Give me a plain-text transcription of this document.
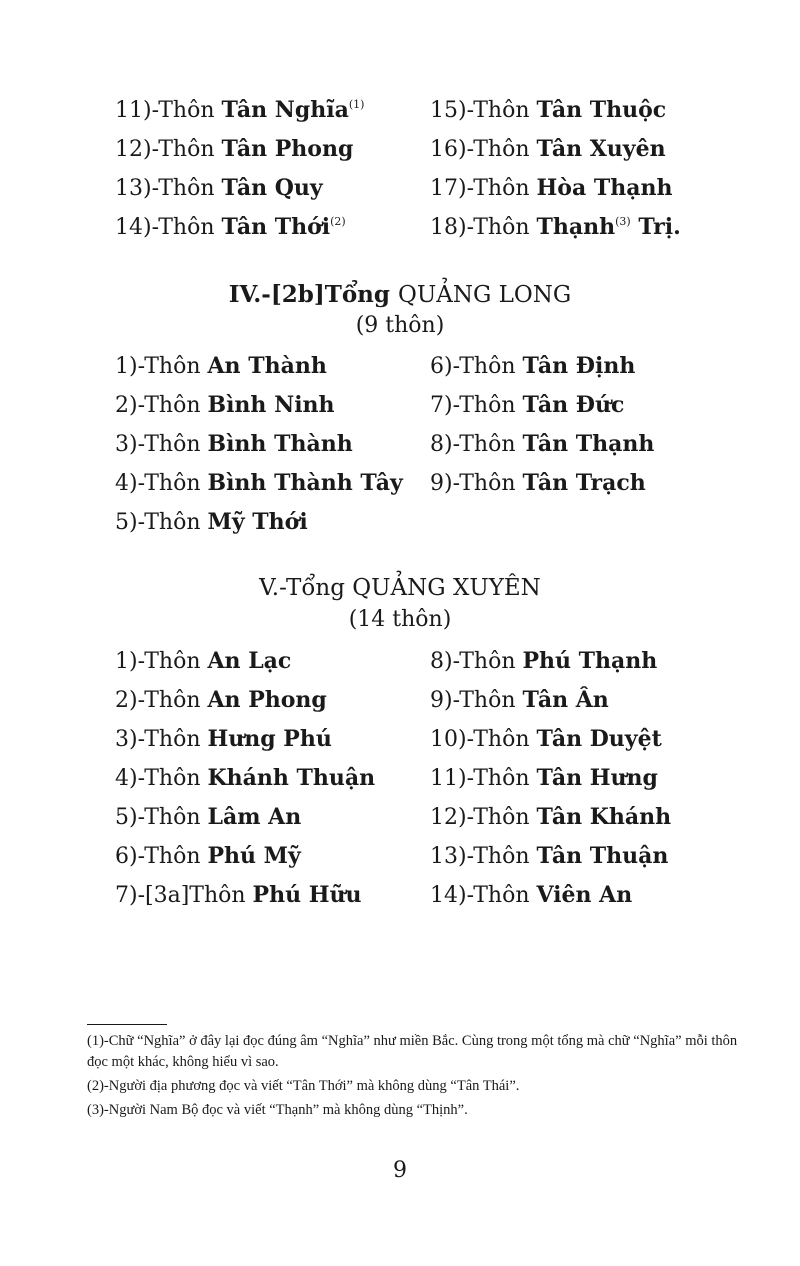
11)-Thôn Tân Nghĩa$^{(1)}$
12)-Thôn Tân Phong
13)-Thôn Tân Quy
14)-Thôn Tân Thới$^{(2)}$
15)-Thôn Tân Thuộc
16)-Thôn Tân Xuyên
17)-Thôn Hòa Thạnh
18)-Thôn Thạnh$^{(3)}$ Trị.
IV.-[2b]Tổng QUẢNG LONG
(9 thôn)
1)-Thôn An Thành
2)-Thôn Bình Ninh
3)-Thôn Bình Thành
4)-Thôn Bình Thành Tây
5)-Thôn Mỹ Thới
6)-Thôn Tân Định
7)-Thôn Tân Đức
8)-Thôn Tân Thạnh
9)-Thôn Tân Trạch
V.-Tổng QUẢNG XUYÊN
(14 thôn)
1)-Thôn An Lạc
2)-Thôn An Phong
3)-Thôn Hưng Phú
4)-Thôn Khánh Thuận
5)-Thôn Lâm An
6)-Thôn Phú Mỹ
7)-[3a]Thôn Phú Hữu
8)-Thôn Phú Thạnh
9)-Thôn Tân Ân
10)-Thôn Tân Duyệt
11)-Thôn Tân Hưng
12)-Thôn Tân Khánh
13)-Thôn Tân Thuận
14)-Thôn Viên An
(1)-Chữ “Nghĩa” ở đây lại đọc đúng âm “Nghĩa” như miền Bắc. Cùng trong một tổng mà chữ “Nghĩa” mỗi thôn đọc một khác, không hiểu vì sao.
(2)-Người địa phương đọc và viết “Tân Thới” mà không dùng “Tân Thái”.
(3)-Người Nam Bộ đọc và viết “Thạnh” mà không dùng “Thịnh”.
9
